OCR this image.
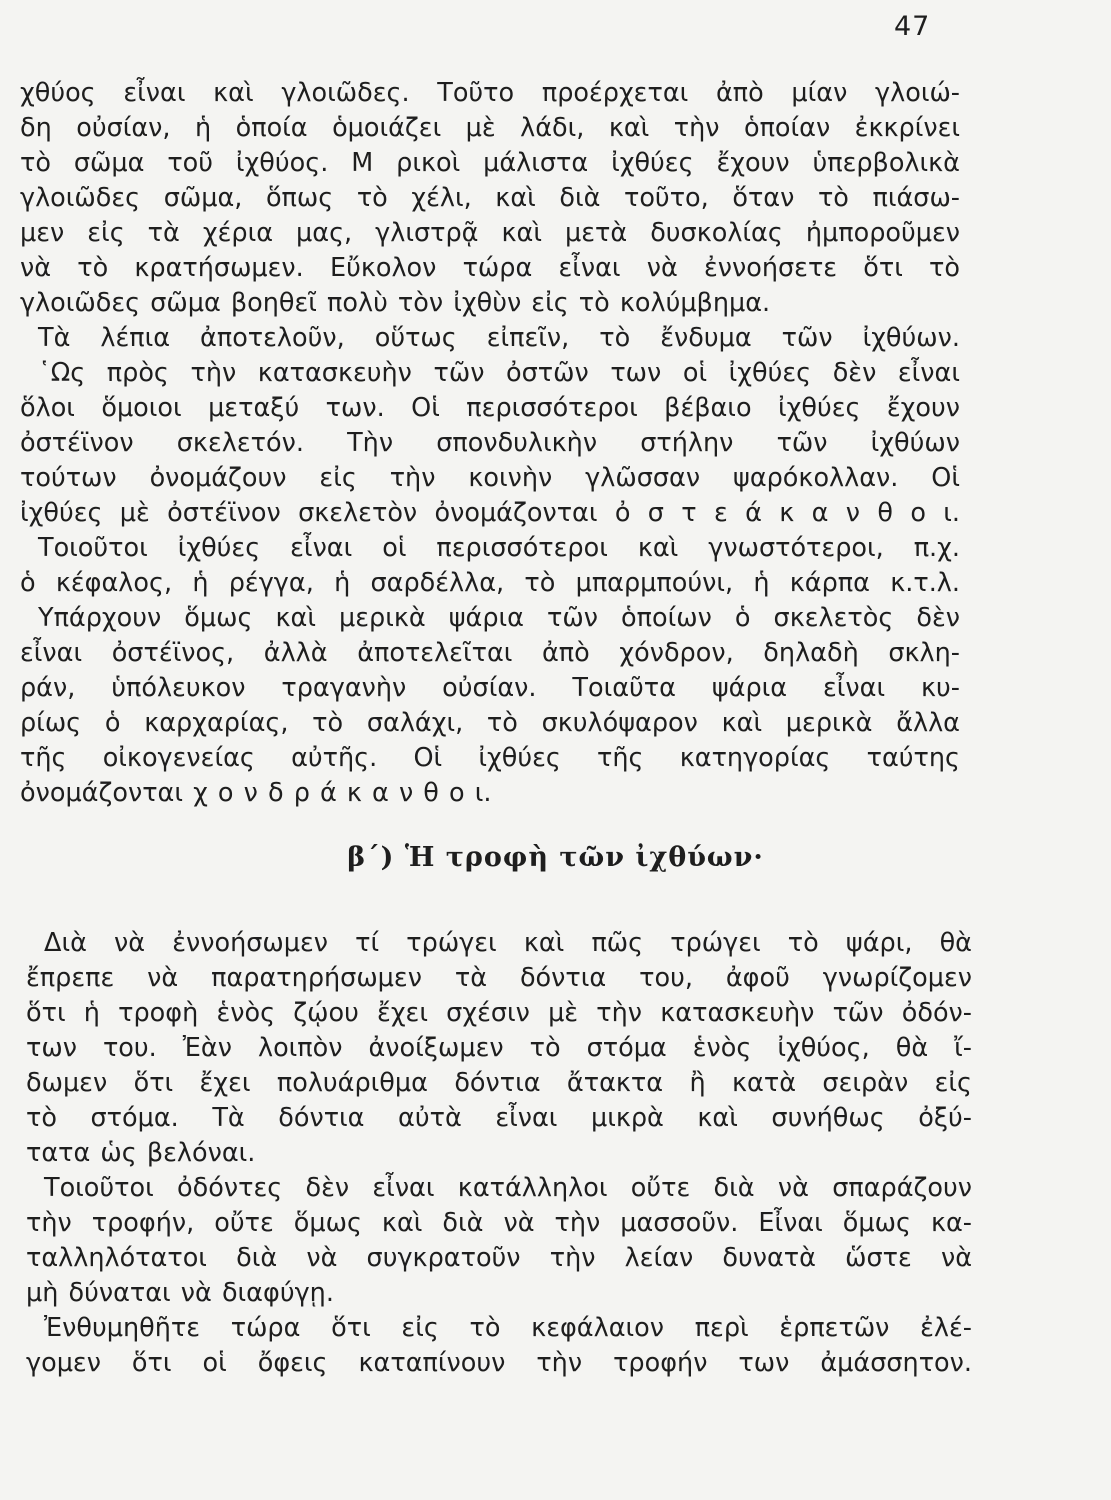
47
χθύος εἶναι καὶ γλοιῶδες. Τοῦτο προέρχεται ἀπὸ μίαν γλοιώ-
δη οὐσίαν, ἡ ὁποία ὁμοιάζει μὲ λάδι, καὶ τὴν ὁποίαν ἐκκρίνει
τὸ σῶμα τοῦ ἰχθύος. Μ ρικοὶ μάλιστα ἰχθύες ἔχουν ὑπερβολικὰ
γλοιῶδες σῶμα, ὅπως τὸ χέλι, καὶ διὰ τοῦτο, ὅταν τὸ πιάσω-
μεν εἰς τὰ χέρια μας, γλιστρᾷ καὶ μετὰ δυσκολίας ἠμποροῦμεν
νὰ τὸ κρατήσωμεν. Εὔκολον τώρα εἶναι νὰ ἐννοήσετε ὅτι τὸ
γλοιῶδες σῶμα βοηθεῖ πολὺ τὸν ἰχθὺν εἰς τὸ κολύμβημα.
Τὰ λέπια ἀποτελοῦν, οὕτως εἰπεῖν, τὸ ἔνδυμα τῶν ἰχθύων.
῾Ως πρὸς τὴν κατασκευὴν τῶν ὀστῶν των οἱ ἰχθύες δὲν εἶναι
ὅλοι ὅμοιοι μεταξύ των. Οἱ περισσότεροι βέβαιο ἰχθύες ἔχουν
ὀστέϊνον σκελετόν. Τὴν σπονδυλικὴν στήλην τῶν ἰχθύων
τούτων ὀνομάζουν εἰς τὴν κοινὴν γλῶσσαν ψαρόκολλαν. Οἱ
ἰχθύες μὲ ὀστέϊνον σκελετὸν ὀνομάζονται ὀ σ τ ε ά κ α ν θ ο ι.
Τοιοῦτοι ἰχθύες εἶναι οἱ περισσότεροι καὶ γνωστότεροι, π.χ.
ὁ κέφαλος, ἡ ρέγγα, ἡ σαρδέλλα, τὸ μπαρμπούνι, ἡ κάρπα κ.τ.λ.
Υπάρχουν ὅμως καὶ μερικὰ ψάρια τῶν ὁποίων ὁ σκελετὸς δὲν
εἶναι ὀστέϊνος, ἀλλὰ ἀποτελεῖται ἀπὸ χόνδρον, δηλαδὴ σκλη-
ράν, ὑπόλευκον τραγανὴν οὐσίαν. Τοιαῦτα ψάρια εἶναι κυ-
ρίως ὁ καρχαρίας, τὸ σαλάχι, τὸ σκυλόψαρον καὶ μερικὰ ἄλλα
τῆς οἰκογενείας αὐτῆς. Οἱ ἰχθύες τῆς κατηγορίας ταύτης
ὀνομάζονται χ ο ν δ ρ ά κ α ν θ ο ι.
β΄) Ἡ τροφὴ τῶν ἰχθύων·
Διὰ νὰ ἐννοήσωμεν τί τρώγει καὶ πῶς τρώγει τὸ ψάρι, θὰ
ἔπρεπε νὰ παρατηρήσωμεν τὰ δόντια του, ἀφοῦ γνωρίζομεν
ὅτι ἡ τροφὴ ἑνὸς ζῴου ἔχει σχέσιν μὲ τὴν κατασκευὴν τῶν ὀδόν-
των του. Ἐὰν λοιπὸν ἀνοίξωμεν τὸ στόμα ἑνὸς ἰχθύος, θὰ ἴ-
δωμεν ὅτι ἔχει πολυάριθμα δόντια ἄτακτα ἢ κατὰ σειρὰν εἰς
τὸ στόμα. Τὰ δόντια αὐτὰ εἶναι μικρὰ καὶ συνήθως ὀξύ-
τατα ὡς βελόναι.
Τοιοῦτοι ὀδόντες δὲν εἶναι κατάλληλοι οὔτε διὰ νὰ σπαράζουν
τὴν τροφήν, οὔτε ὅμως καὶ διὰ νὰ τὴν μασσοῦν. Εἶναι ὅμως κα-
ταλληλότατοι διὰ νὰ συγκρατοῦν τὴν λείαν δυνατὰ ὥστε νὰ
μὴ δύναται νὰ διαφύγῃ.
Ἐνθυμηθῆτε τώρα ὅτι εἰς τὸ κεφάλαιον περὶ ἑρπετῶν ἐλέ-
γομεν ὅτι οἱ ὄφεις καταπίνουν τὴν τροφήν των ἀμάσσητον.
